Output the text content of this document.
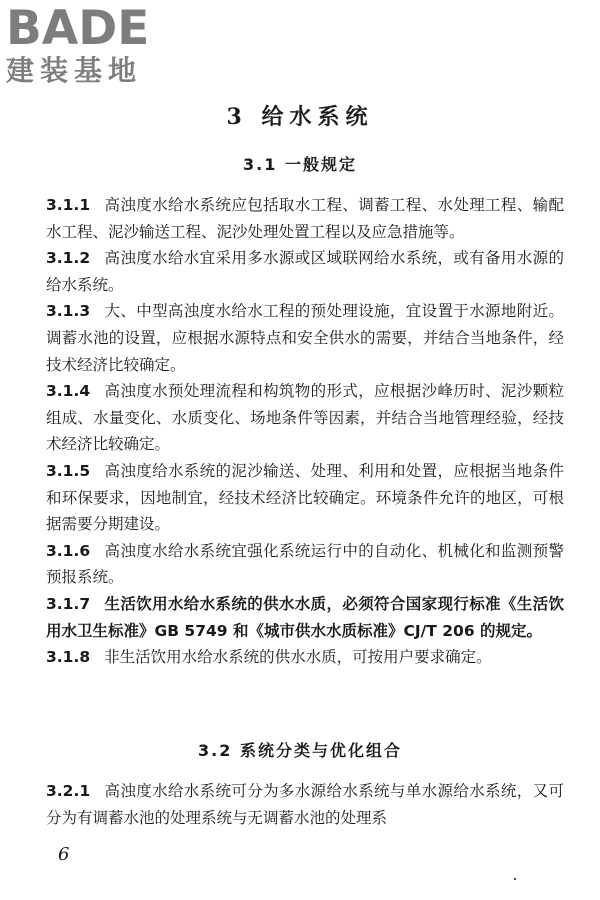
BADE
建装基地
3 给水系统
3.1 一般规定
3.1.1 高浊度水给水系统应包括取水工程、调蓄工程、水处理工程、输配水工程、泥沙输送工程、泥沙处理处置工程以及应急措施等。
3.1.2 高浊度水给水宜采用多水源或区域联网给水系统，或有备用水源的给水系统。
3.1.3 大、中型高浊度水给水工程的预处理设施，宜设置于水源地附近。调蓄水池的设置，应根据水源特点和安全供水的需要，并结合当地条件，经技术经济比较确定。
3.1.4 高浊度水预处理流程和构筑物的形式，应根据沙峰历时、泥沙颗粒组成、水量变化、水质变化、场地条件等因素，并结合当地管理经验，经技术经济比较确定。
3.1.5 高浊度给水系统的泥沙输送、处理、利用和处置，应根据当地条件和环保要求，因地制宜，经技术经济比较确定。环境条件允许的地区，可根据需要分期建设。
3.1.6 高浊度水给水系统宜强化系统运行中的自动化、机械化和监测预警预报系统。
3.1.7 生活饮用水给水系统的供水水质，必须符合国家现行标准《生活饮用水卫生标准》GB 5749 和《城市供水水质标准》CJ/T 206 的规定。
3.1.8 非生活饮用水给水系统的供水水质，可按用户要求确定。
3.2 系统分类与优化组合
3.2.1 高浊度水给水系统可分为多水源给水系统与单水源给水系统，又可分为有调蓄水池的处理系统与无调蓄水池的处理系

6
